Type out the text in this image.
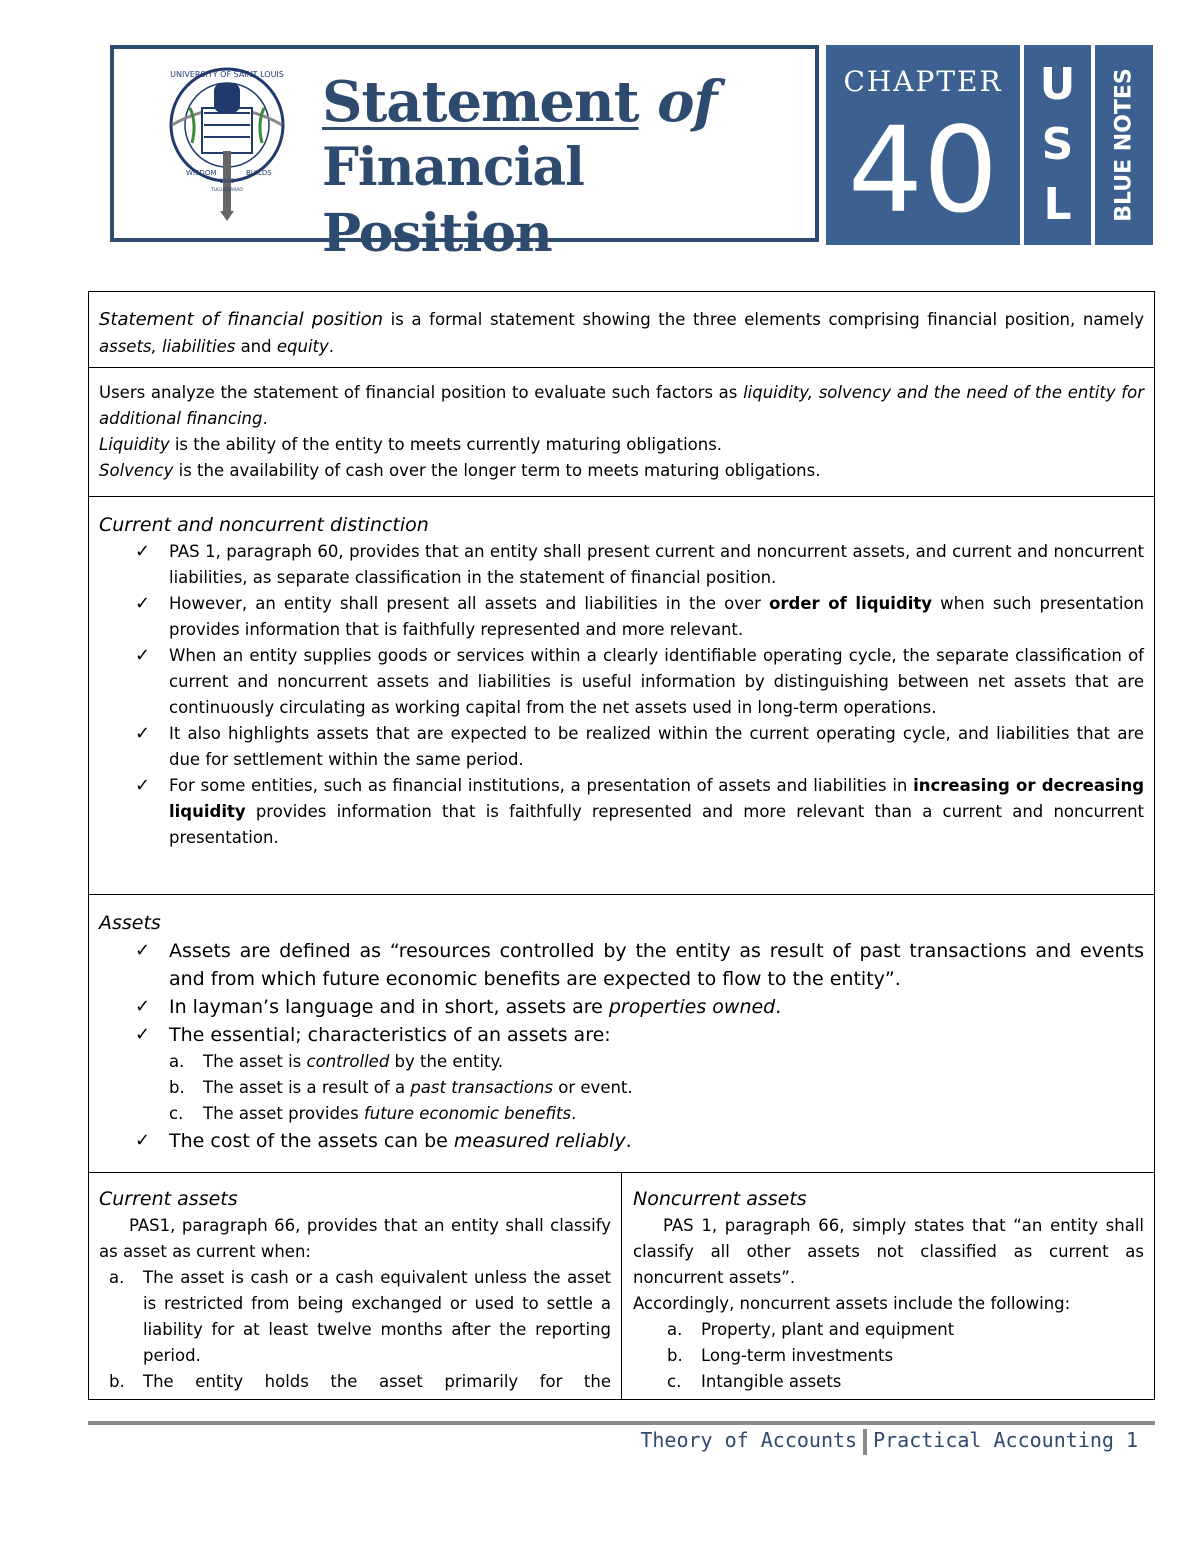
UNIVERSITY OF SAINT LOUIS
WISDOM	BUILDS
1963
TUGUEGARAO
Statement of
Financial Position
CHAPTER
40
U
S
L	BLUE NOTES
Statement of financial position is a formal statement showing the three elements comprising financial position, namely assets, liabilities and equity.
Users analyze the statement of financial position to evaluate such factors as liquidity, solvency and the need of the entity for additional financing.
Liquidity is the ability of the entity to meets currently maturing obligations.
Solvency is the availability of cash over the longer term to meets maturing obligations.
Current and noncurrent distinction
✓ PAS 1, paragraph 60, provides that an entity shall present current and noncurrent assets, and current and noncurrent liabilities, as separate classification in the statement of financial position.
✓ However, an entity shall present all assets and liabilities in the over order of liquidity when such presentation provides information that is faithfully represented and more relevant.
✓ When an entity supplies goods or services within a clearly identifiable operating cycle, the separate classification of current and noncurrent assets and liabilities is useful information by distinguishing between net assets that are continuously circulating as working capital from the net assets used in long-term operations.
✓ It also highlights assets that are expected to be realized within the current operating cycle, and liabilities that are due for settlement within the same period.
✓ For some entities, such as financial institutions, a presentation of assets and liabilities in increasing or decreasing liquidity provides information that is faithfully represented and more relevant than a current and noncurrent presentation.
Assets
✓ Assets are defined as “resources controlled by the entity as result of past transactions and events and from which future economic benefits are expected to flow to the entity”.
✓ In layman’s language and in short, assets are properties owned.
✓ The essential; characteristics of an assets are:
a. The asset is controlled by the entity.
b. The asset is a result of a past transactions or event.
c. The asset provides future economic benefits.
✓ The cost of the assets can be measured reliably.
Current assets
PAS1, paragraph 66, provides that an entity shall classify as asset as current when:
a. The asset is cash or a cash equivalent unless the asset is restricted from being exchanged or used to settle a liability for at least twelve months after the reporting period.
b. The entity holds the asset primarily for the
Noncurrent assets
PAS 1, paragraph 66, simply states that “an entity shall classify all other assets not classified as current as noncurrent assets”.
Accordingly, noncurrent assets include the following:
a. Property, plant and equipment
b. Long-term investments
c. Intangible assets
Theory of Accounts Practical Accounting 1
